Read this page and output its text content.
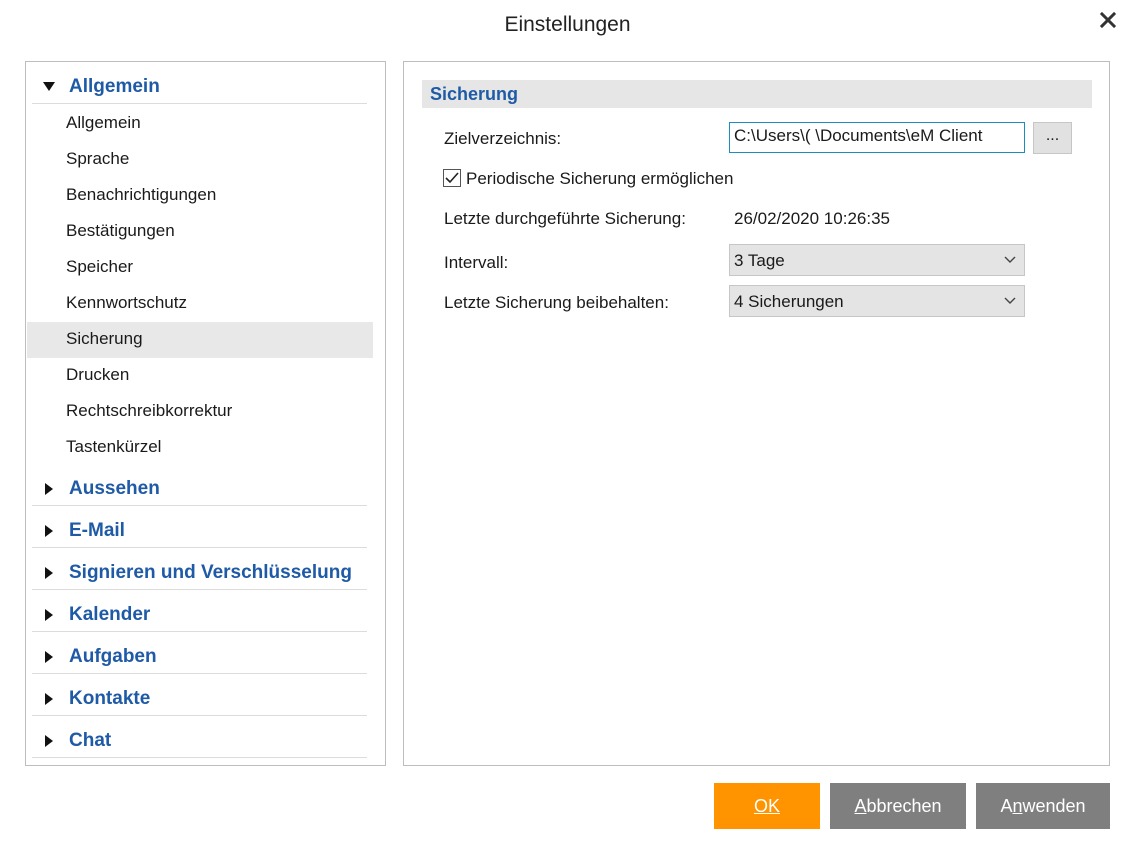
Einstellungen
Allgemein
Allgemein
Sprache
Benachrichtigungen
Bestätigungen
Speicher
Kennwortschutz
Sicherung
Drucken
Rechtschreibkorrektur
Tastenkürzel
Aussehen
E-Mail
Signieren und Verschlüsselung
Kalender
Aufgaben
Kontakte
Chat
Sicherung
Zielverzeichnis:	C:\Users\( \Documents\eM Client	...
Periodische Sicherung ermöglichen
Letzte durchgeführte Sicherung:	26/02/2020 10:26:35
Intervall:	3 Tage
Letzte Sicherung beibehalten:	4 Sicherungen
OK	A bbrechen	A n wenden
